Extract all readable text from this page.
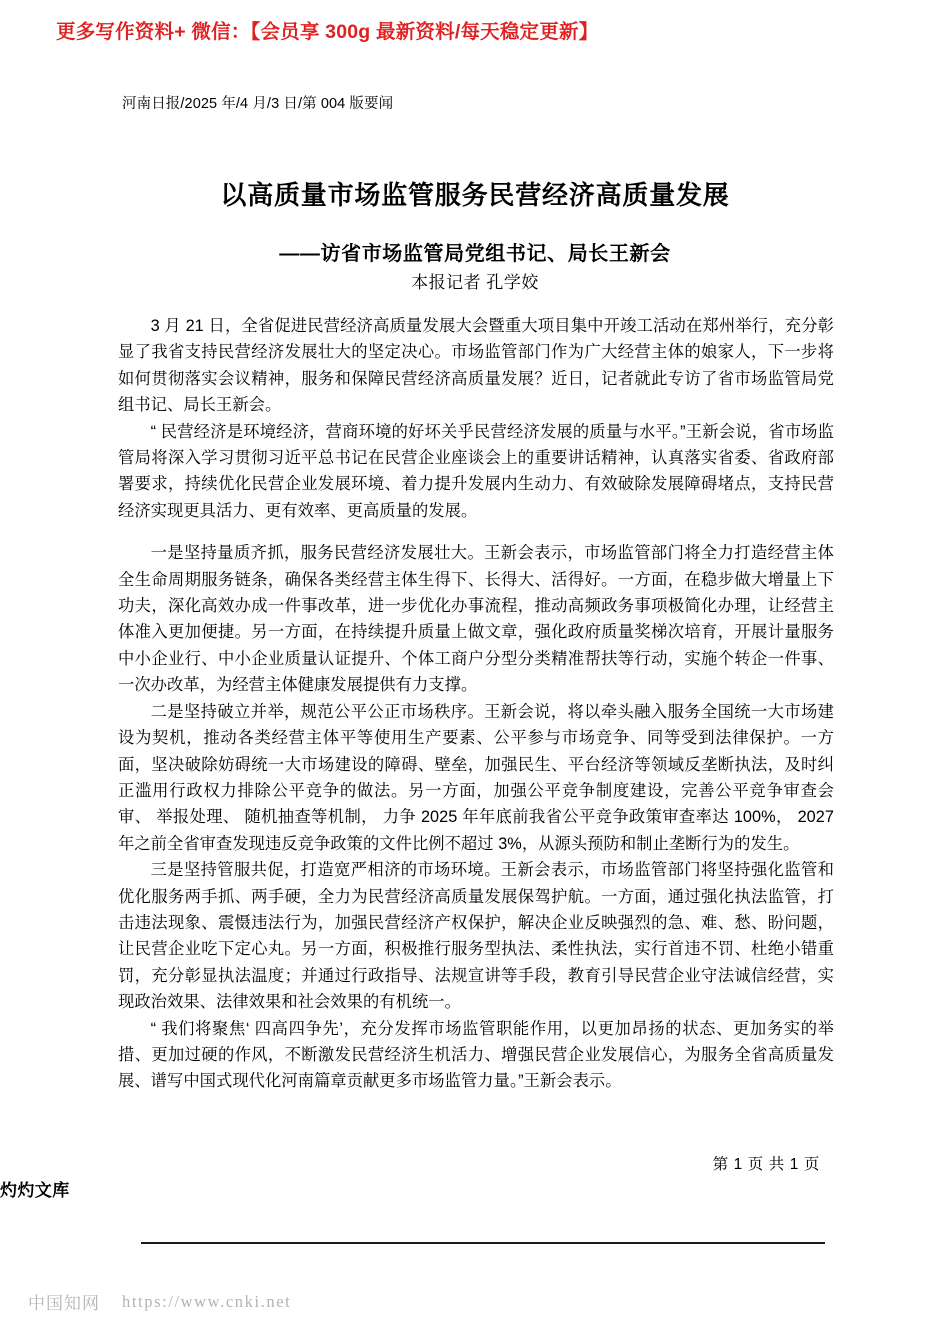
更多写作资料+ 微信：【会员享 300g 最新资料/每天稳定更新】
河南日报/2025 年/4 月/3 日/第 004 版要闻
以高质量市场监管服务民营经济高质量发展
——访省市场监管局党组书记、局长王新会
本报记者 孔学姣

3 月 21 日，全省促进民营经济高质量发展大会暨重大项目集中开竣工活动在郑州举行，充分彰显了我省支持民营经济发展壮大的坚定决心。市场监管部门作为广大经营主体的娘家人，下一步将如何贯彻落实会议精神，服务和保障民营经济高质量发展？近日，记者就此专访了省市场监管局党组书记、局长王新会。

“ 民营经济是环境经济，营商环境的好坏关乎民营经济发展的质量与水平。”王新会说，省市场监管局将深入学习贯彻习近平总书记在民营企业座谈会上的重要讲话精神，认真落实省委、省政府部署要求，持续优化民营企业发展环境、着力提升发展内生动力、有效破除发展障碍堵点，支持民营经济实现更具活力、更有效率、更高质量的发展。

一是坚持量质齐抓，服务民营经济发展壮大。王新会表示，市场监管部门将全力打造经营主体全生命周期服务链条，确保各类经营主体生得下、长得大、活得好。一方面，在稳步做大增量上下功夫，深化高效办成一件事改革，进一步优化办事流程，推动高频政务事项极简化办理，让经营主体准入更加便捷。另一方面，在持续提升质量上做文章，强化政府质量奖梯次培育，开展计量服务中小企业行、中小企业质量认证提升、个体工商户分型分类精准帮扶等行动，实施个转企一件事、一次办改革，为经营主体健康发展提供有力支撑。

二是坚持破立并举，规范公平公正市场秩序。王新会说，将以牵头融入服务全国统一大市场建设为契机，推动各类经营主体平等使用生产要素、公平参与市场竞争、同等受到法律保护。一方面，坚决破除妨碍统一大市场建设的障碍、壁垒，加强民生、平台经济等领域反垄断执法，及时纠正滥用行政权力排除公平竞争的做法。另一方面，加强公平竞争制度建设，完善公平竞争审查会审、 举报处理、 随机抽查等机制， 力争 2025 年年底前我省公平竞争政策审查率达 100%， 2027 年之前全省审查发现违反竞争政策的文件比例不超过 3%，从源头预防和制止垄断行为的发生。

三是坚持管服共促，打造宽严相济的市场环境。王新会表示，市场监管部门将坚持强化监管和优化服务两手抓、两手硬，全力为民营经济高质量发展保驾护航。一方面，通过强化执法监管，打击违法现象、震慑违法行为，加强民营经济产权保护，解决企业反映强烈的急、难、愁、盼问题，让民营企业吃下定心丸。另一方面，积极推行服务型执法、柔性执法，实行首违不罚、杜绝小错重罚，充分彰显执法温度；并通过行政指导、法规宣讲等手段，教育引导民营企业守法诚信经营，实现政治效果、法律效果和社会效果的有机统一。

“ 我们将聚焦‘ 四高四争先’，充分发挥市场监管职能作用，以更加昂扬的状态、更加务实的举措、更加过硬的作风，不断激发民营经济生机活力、增强民营企业发展信心，为服务全省高质量发展、谱写中国式现代化河南篇章贡献更多市场监管力量。”王新会表示。

第 1 页 共 1 页
灼灼文库
中国知网 https://www.cnki.net
